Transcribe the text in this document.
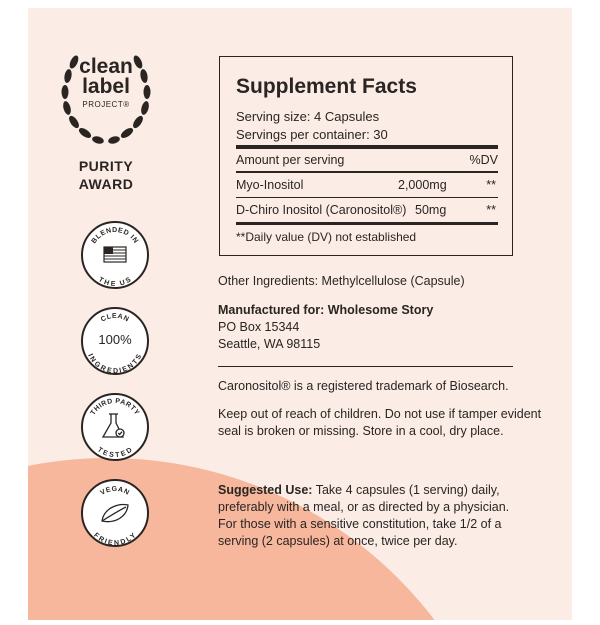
clean
label
PROJECT®
PURITY
AWARD
BLENDED IN
THE US
CLEAN
INGREDIENTS
100%
THIRD PARTY
TESTED
VEGAN
FRIENDLY
Supplement Facts
Serving size: 4 Capsules
Servings per container: 30
Amount per serving	%DV
Myo-Inositol	2,000mg	**
D-Chiro Inositol (Caronositol®) 50mg	**
**Daily value (DV) not established
Other Ingredients: Methylcellulose (Capsule)
Manufactured for: Wholesome Story
PO Box 15344
Seattle, WA 98115
Caronositol® is a registered trademark of Biosearch.
Keep out of reach of children. Do not use if tamper evident
seal is broken or missing. Store in a cool, dry place.
Suggested Use: Take 4 capsules (1 serving) daily,
preferably with a meal, or as directed by a physician.
For those with a sensitive constitution, take 1/2 of a
serving (2 capsules) at once, twice per day.
